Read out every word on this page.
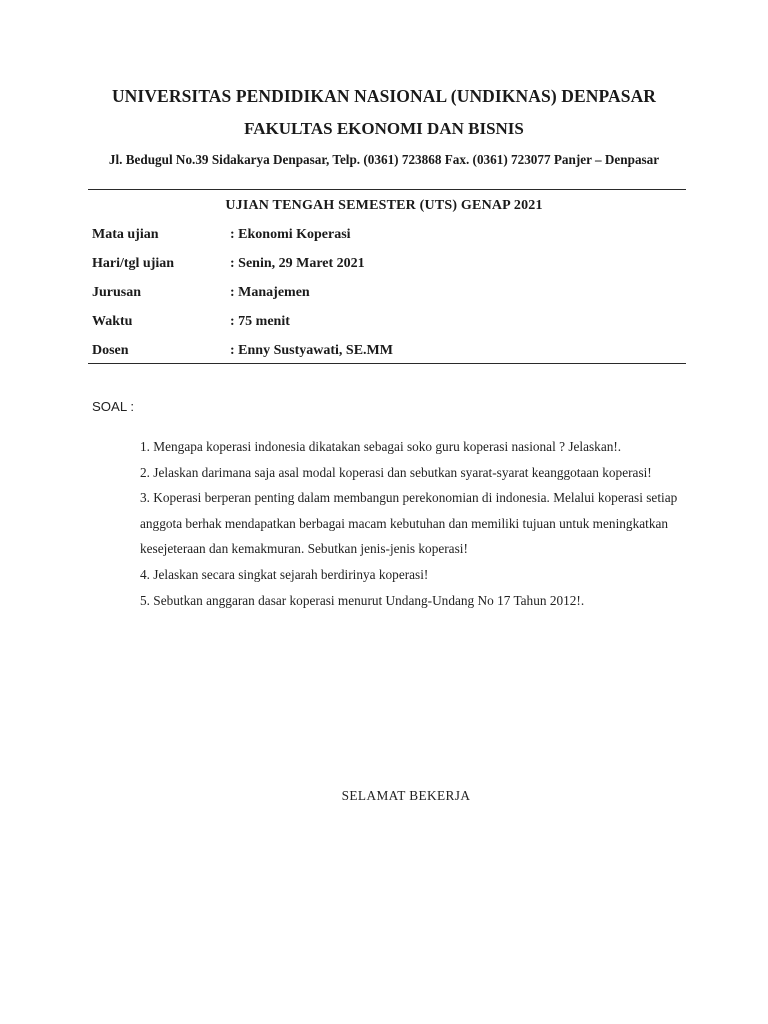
UNIVERSITAS PENDIDIKAN NASIONAL (UNDIKNAS) DENPASAR
FAKULTAS EKONOMI DAN BISNIS
Jl. Bedugul No.39 Sidakarya Denpasar, Telp. (0361) 723868 Fax. (0361) 723077 Panjer – Denpasar
UJIAN TENGAH SEMESTER (UTS) GENAP 2021
Mata ujian	: Ekonomi Koperasi
Hari/tgl ujian	: Senin, 29 Maret 2021
Jurusan	: Manajemen
Waktu	: 75 menit
Dosen	: Enny Sustyawati, SE.MM
SOAL :

1. Mengapa koperasi indonesia dikatakan sebagai soko guru koperasi nasional ? Jelaskan!.

2. Jelaskan darimana saja asal modal koperasi dan sebutkan syarat-syarat keanggotaan koperasi!

3. Koperasi berperan penting dalam membangun perekonomian di indonesia. Melalui koperasi setiap anggota berhak mendapatkan berbagai macam kebutuhan dan memiliki tujuan untuk meningkatkan kesejeteraan dan kemakmuran. Sebutkan jenis-jenis koperasi!

4. Jelaskan secara singkat sejarah berdirinya koperasi!

5. Sebutkan anggaran dasar koperasi menurut Undang-Undang No 17 Tahun 2012!.

SELAMAT BEKERJA
